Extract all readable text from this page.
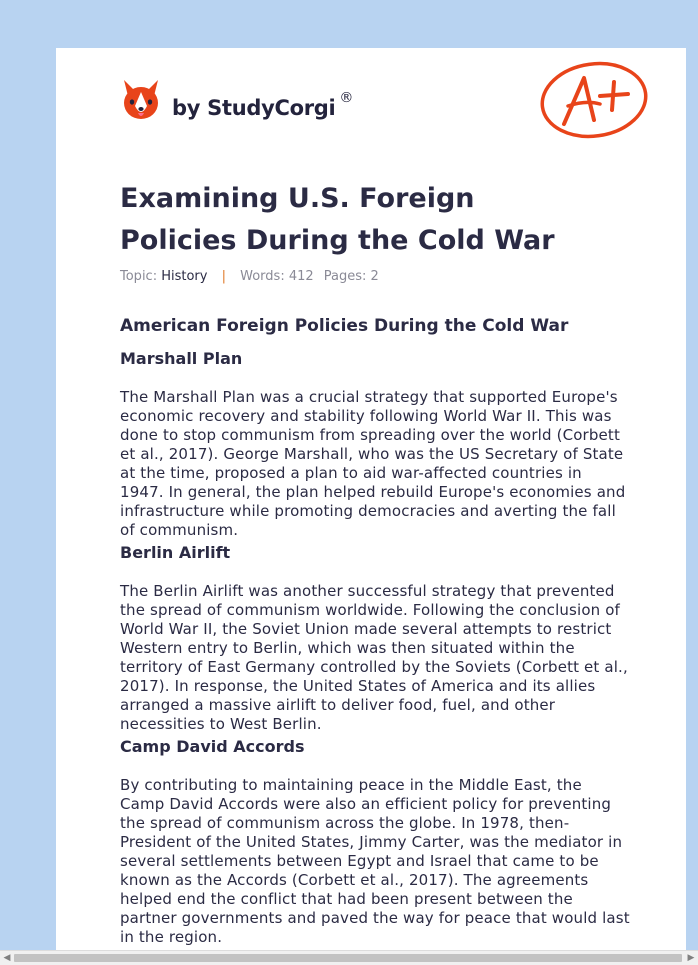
by StudyCorgi ®
Examining U.S. Foreign Policies During the Cold War
Topic: History | Words: 412 Pages: 2
American Foreign Policies During the Cold War
Marshall Plan

The Marshall Plan was a crucial strategy that supported Europe's economic recovery and stability following World War II. This was done to stop communism from spreading over the world (Corbett et al., 2017). George Marshall, who was the US Secretary of State at the time, proposed a plan to aid war-affected countries in 1947. In general, the plan helped rebuild Europe's economies and infrastructure while promoting democracies and averting the fall of communism.

Berlin Airlift

The Berlin Airlift was another successful strategy that prevented the spread of communism worldwide. Following the conclusion of World War II, the Soviet Union made several attempts to restrict Western entry to Berlin, which was then situated within the territory of East Germany controlled by the Soviets (Corbett et al., 2017). In response, the United States of America and its allies arranged a massive airlift to deliver food, fuel, and other necessities to West Berlin.

Camp David Accords

By contributing to maintaining peace in the Middle East, the Camp David Accords were also an efficient policy for preventing the spread of communism across the globe. In 1978, then-President of the United States, Jimmy Carter, was the mediator in several settlements between Egypt and Israel that came to be known as the Accords (Corbett et al., 2017). The agreements helped end the conflict that had been present between the partner governments and paved the way for peace that would last in the region.

◀	▶
